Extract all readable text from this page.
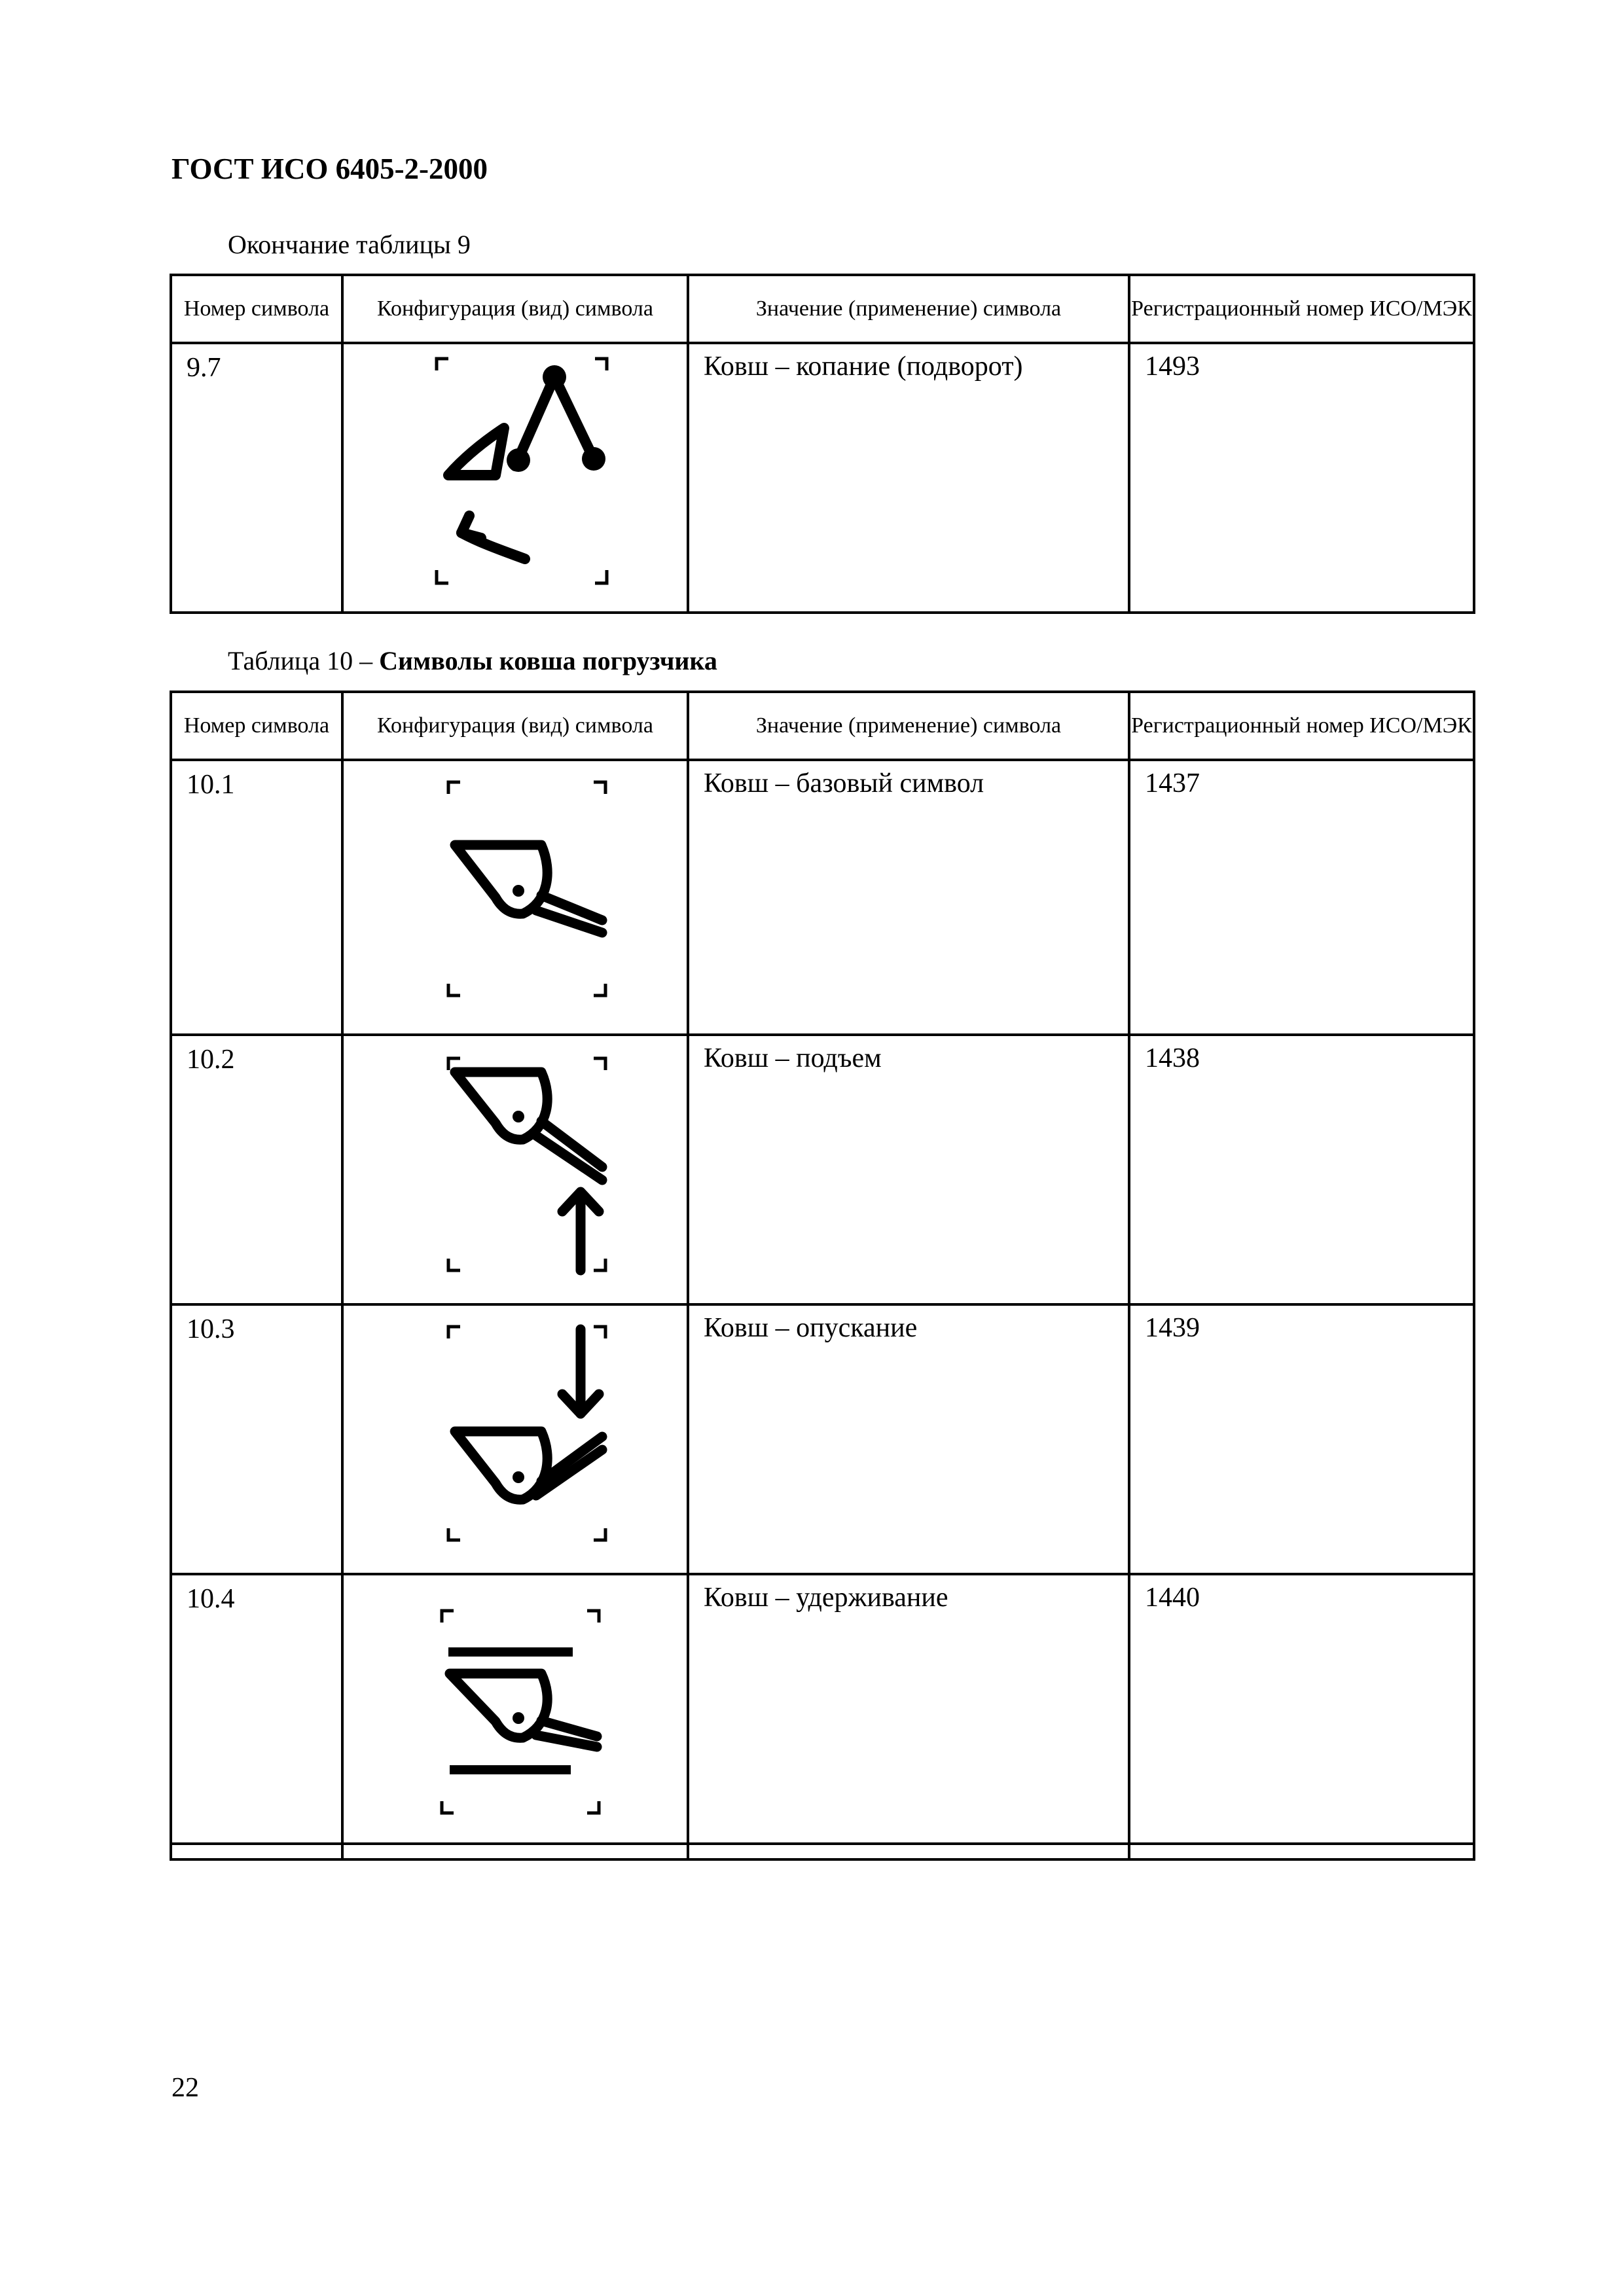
ГОСТ ИСО 6405-2-2000
Окончание таблицы 9
Номер символа	Конфигурация (вид) символа	Значение (применение) символа	Регистрационный номер ИСО/МЭК
9.7		Ковш – копание (подворот)	1493
Таблица 10 – Символы ковша погрузчика
Номер символа	Конфигурация (вид) символа	Значение (применение) символа	Регистрационный номер ИСО/МЭК
10.1		Ковш – базовый символ	1437
10.2		Ковш – подъем	1438
10.3		Ковш – опускание	1439
10.4		Ковш – удерживание	1440

22
